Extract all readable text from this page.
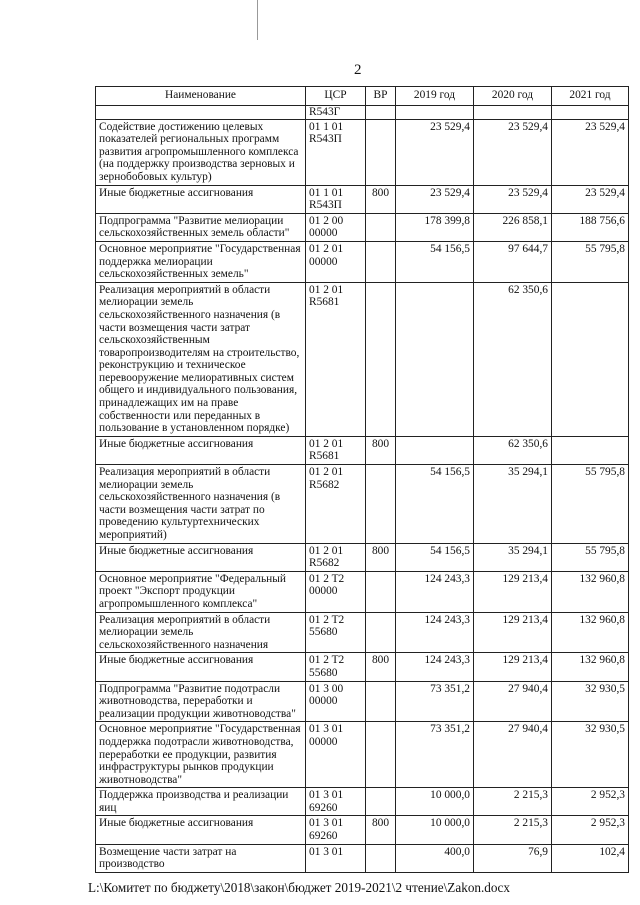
2
Наименование	ЦСР	ВР	2019 год	2020 год	2021 год
	R543Г				
Содействие достижению целевых показателей региональных программ развития агропромышленного комплекса (на поддержку производства зерновых и зернобобовых культур)	01 1 01 R543П		23 529,4	23 529,4	23 529,4
Иные бюджетные ассигнования	01 1 01 R543П	800	23 529,4	23 529,4	23 529,4
Подпрограмма "Развитие мелиорации сельскохозяйственных земель области"	01 2 00 00000		178 399,8	226 858,1	188 756,6
Основное мероприятие "Государственная поддержка мелиорации сельскохозяйственных земель"	01 2 01 00000		54 156,5	97 644,7	55 795,8
Реализация мероприятий в области мелиорации земель сельскохозяйственного назначения (в части возмещения части затрат сельскохозяйственным товаропроизводителям на строительство, реконструкцию и техническое перевооружение мелиоративных систем общего и индивидуального пользования, принадлежащих им на праве собственности или переданных в пользование в установленном порядке)	01 2 01 R5681			62 350,6	
Иные бюджетные ассигнования	01 2 01 R5681	800		62 350,6	
Реализация мероприятий в области мелиорации земель сельскохозяйственного назначения (в части возмещения части затрат по проведению культуртехнических мероприятий)	01 2 01 R5682		54 156,5	35 294,1	55 795,8
Иные бюджетные ассигнования	01 2 01 R5682	800	54 156,5	35 294,1	55 795,8
Основное мероприятие "Федеральный проект "Экспорт продукции агропромышленного комплекса"	01 2 T2 00000		124 243,3	129 213,4	132 960,8
Реализация мероприятий в области мелиорации земель сельскохозяйственного назначения	01 2 T2 55680		124 243,3	129 213,4	132 960,8
Иные бюджетные ассигнования	01 2 T2 55680	800	124 243,3	129 213,4	132 960,8
Подпрограмма "Развитие подотрасли животноводства, переработки и реализации продукции животноводства"	01 3 00 00000		73 351,2	27 940,4	32 930,5
Основное мероприятие "Государственная поддержка подотрасли животноводства, переработки ее продукции, развития инфраструктуры рынков продукции животноводства"	01 3 01 00000		73 351,2	27 940,4	32 930,5
Поддержка производства и реализации яиц	01 3 01 69260		10 000,0	2 215,3	2 952,3
Иные бюджетные ассигнования	01 3 01 69260	800	10 000,0	2 215,3	2 952,3
Возмещение части затрат на производство	01 3 01		400,0	76,9	102,4
L:\Комитет по бюджету\2018\закон\бюджет 2019-2021\2 чтение\Zakon.docx
